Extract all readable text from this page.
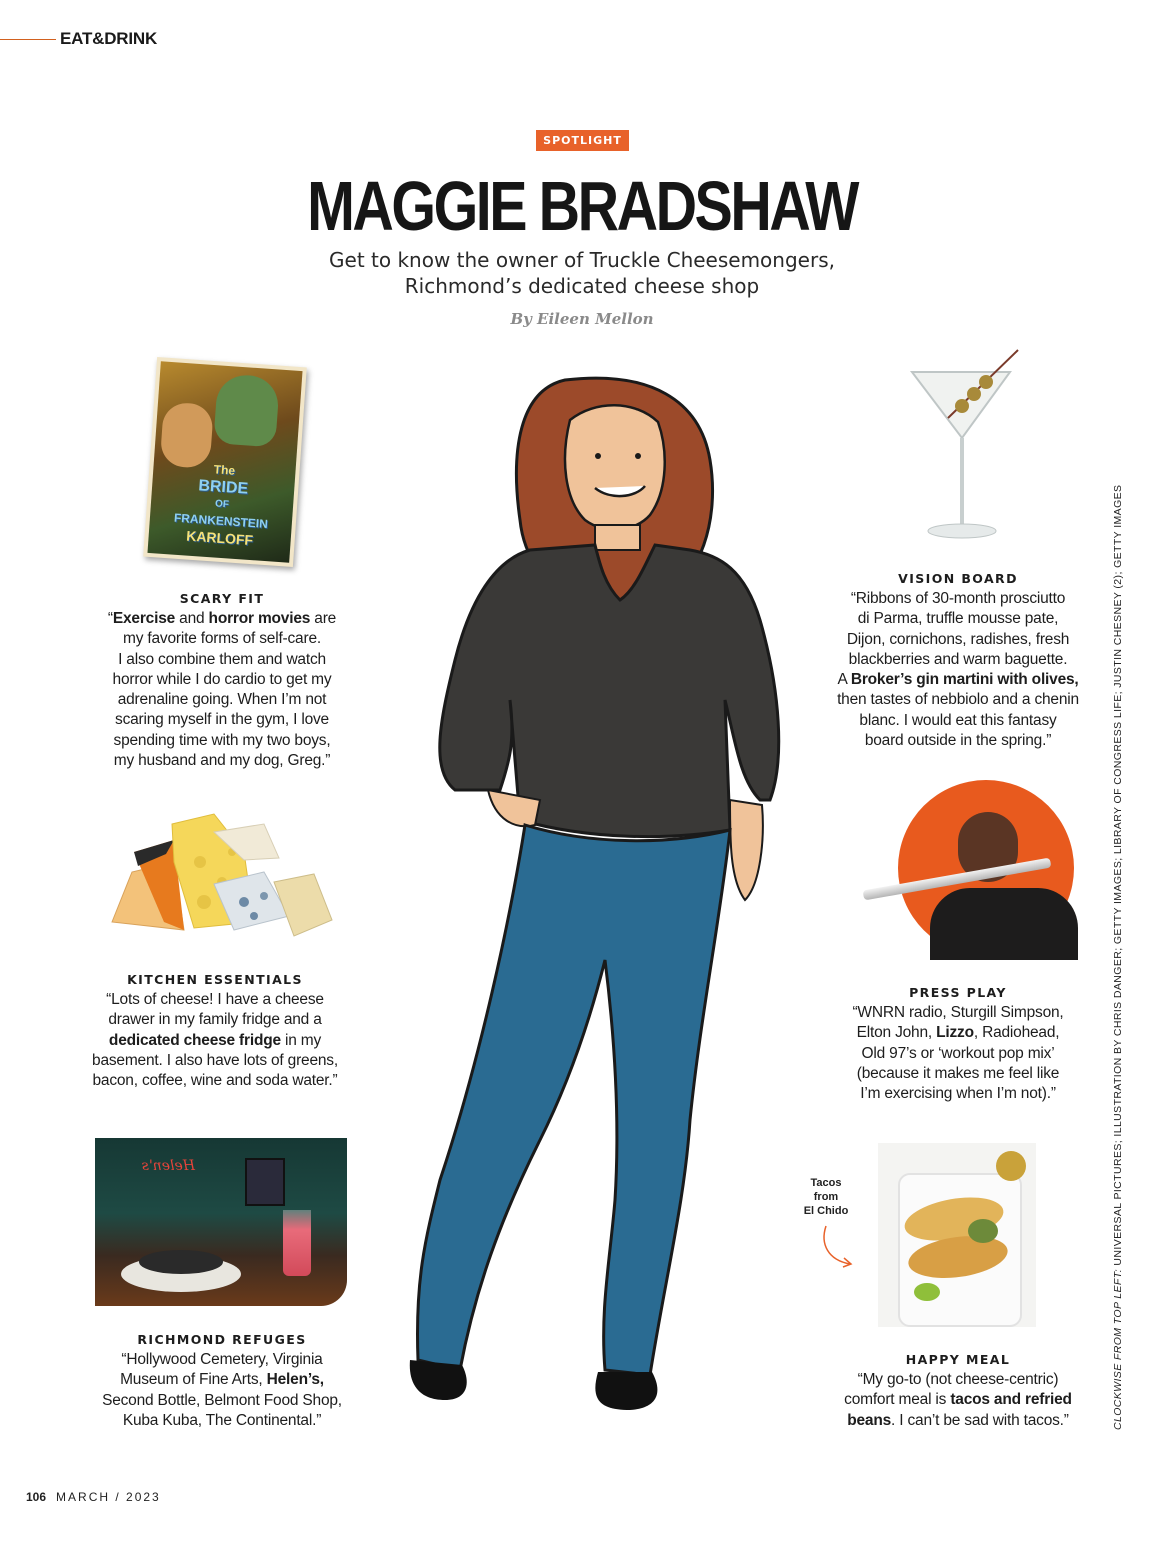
EAT&DRINK
SPOTLIGHT
MAGGIE BRADSHAW
Get to know the owner of Truckle Cheesemongers,
Richmond’s dedicated cheese shop
By Eileen Mellon
The
BRIDE
OF
FRANKENSTEIN
KARLOFF
SCARY FIT
“Exercise and horror movies are
my favorite forms of self-care.
I also combine them and watch
horror while I do cardio to get my
adrenaline going. When I’m not
scaring myself in the gym, I love
spending time with my two boys,
my husband and my dog, Greg.”
KITCHEN ESSENTIALS
“Lots of cheese! I have a cheese
drawer in my family fridge and a
dedicated cheese fridge in my
basement. I also have lots of greens,
bacon, coffee, wine and soda water.”
Helen's
RICHMOND REFUGES
“Hollywood Cemetery, Virginia
Museum of Fine Arts, Helen’s,
Second Bottle, Belmont Food Shop,
Kuba Kuba, The Continental.”
VISION BOARD
“Ribbons of 30-month prosciutto
di Parma, truffle mousse pate,
Dijon, cornichons, radishes, fresh
blackberries and warm baguette.
A Broker’s gin martini with olives,
then tastes of nebbiolo and a chenin
blanc. I would eat this fantasy
board outside in the spring.”
PRESS PLAY
“WNRN radio, Sturgill Simpson,
Elton John, Lizzo, Radiohead,
Old 97’s or ‘workout pop mix’
(because it makes me feel like
I’m exercising when I’m not).”
Tacos
from
El Chido
HAPPY MEAL
“My go-to (not cheese-centric)
comfort meal is tacos and refried
beans. I can’t be sad with tacos.”	CLOCKWISE FROM TOP LEFT: UNIVERSAL PICTURES; ILLUSTRATION BY CHRIS DANGER; GETTY IMAGES; LIBRARY OF CONGRESS LIFE; JUSTIN CHESNEY (2); GETTY IMAGES
106 MARCH / 2023
